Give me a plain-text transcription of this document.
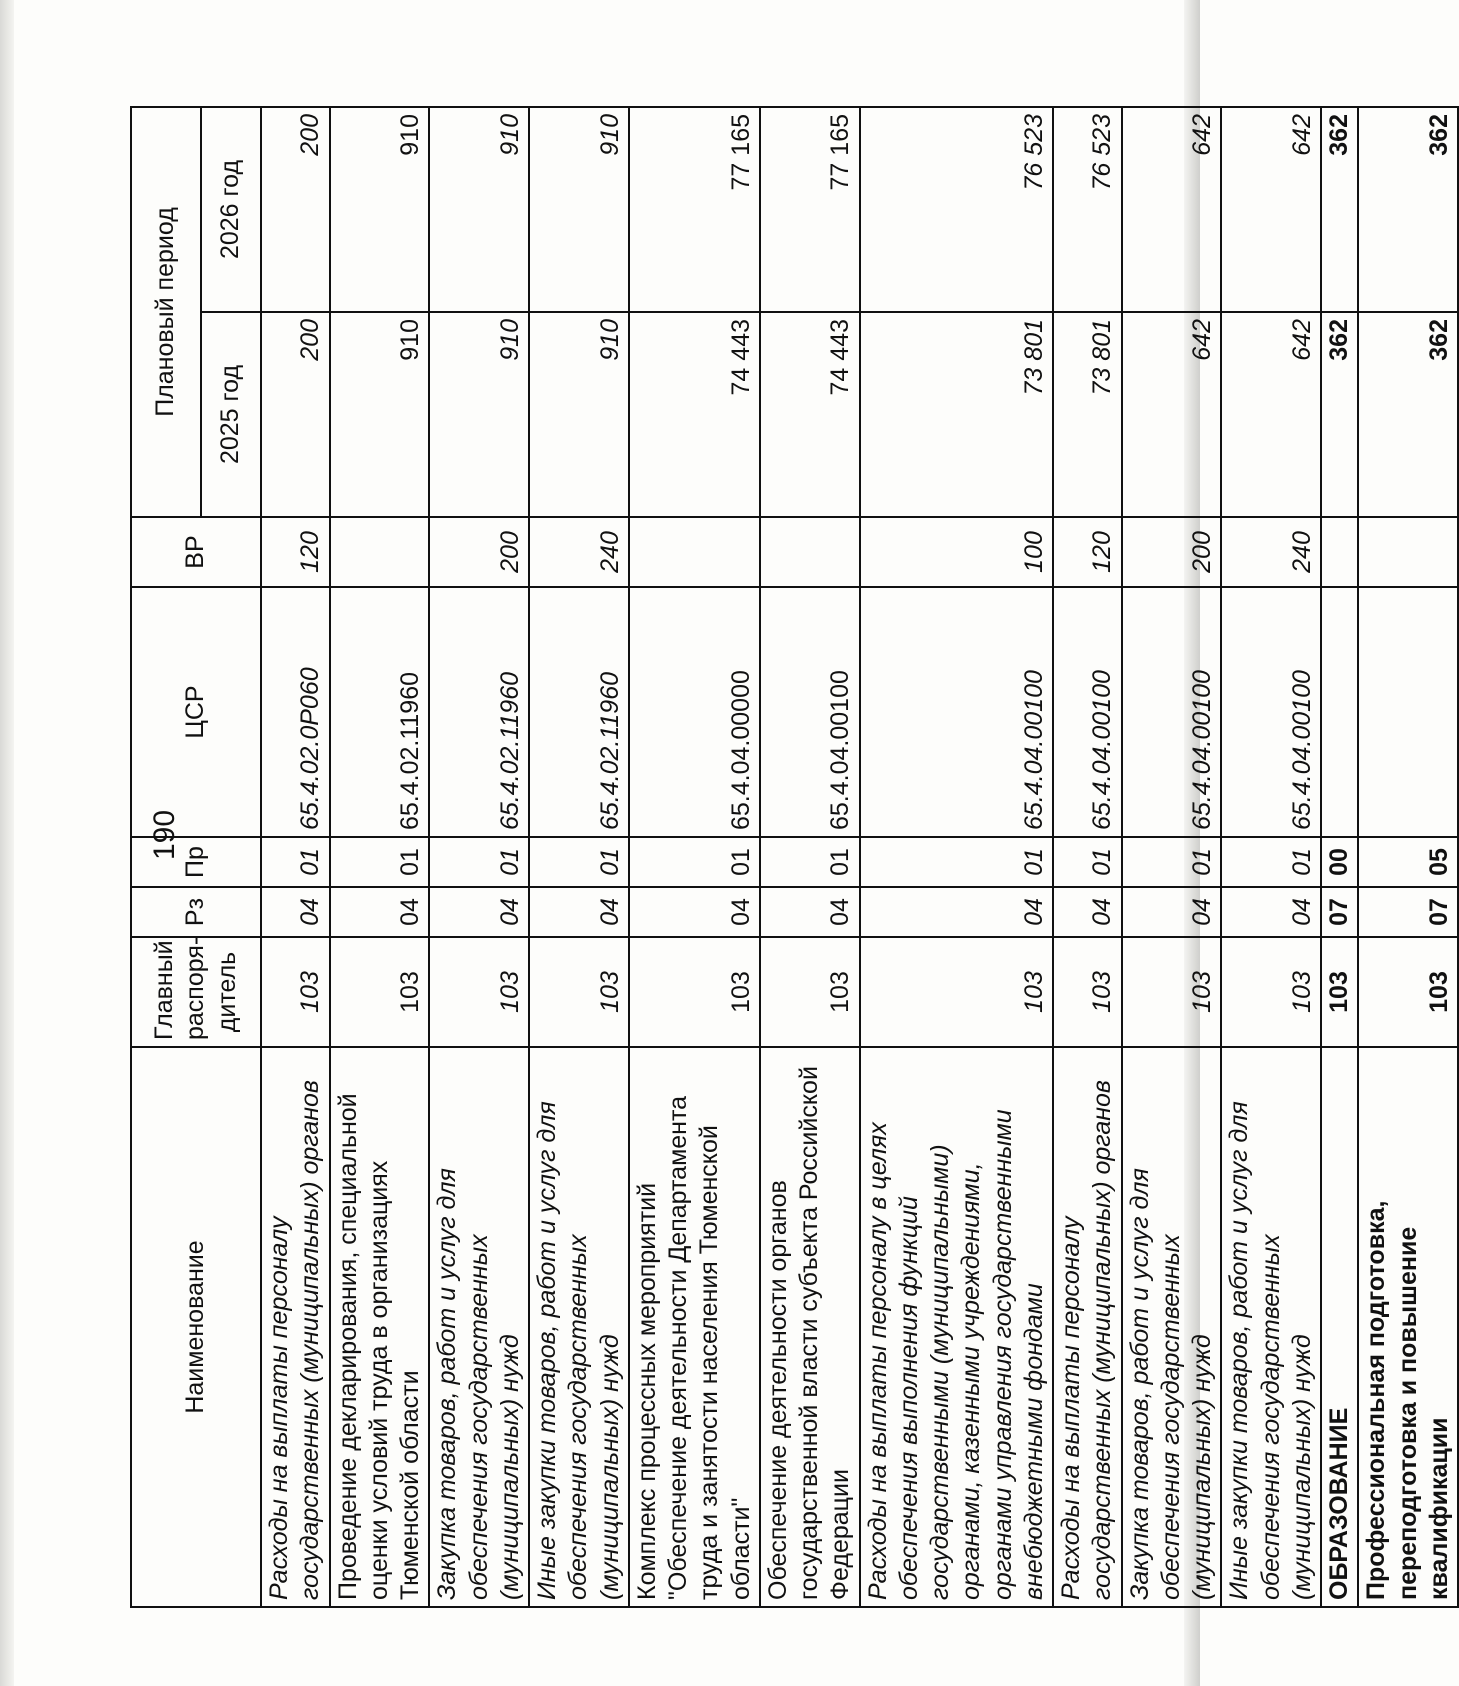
190
Наименование	Главный распоря- дитель	Рз	Пр	ЦСР	ВР	Плановый период	
						2025 год	2026 год
Расходы на выплаты персоналу государственных (муниципальных) органов	103	04	01	65.4.02.0Р060	120	200	200
Проведение декларирования, специальной оценки условий труда в организациях Тюменской области	103	04	01	65.4.02.11960		910	910
Закупка товаров, работ и услуг для обеспечения государственных (муниципальных) нужд	103	04	01	65.4.02.11960	200	910	910
Иные закупки товаров, работ и услуг для обеспечения государственных (муниципальных) нужд	103	04	01	65.4.02.11960	240	910	910
Комплекс процессных мероприятий "Обеспечение деятельности Департамента труда и занятости населения Тюменской области"	103	04	01	65.4.04.00000		74 443	77 165
Обеспечение деятельности органов государственной власти субъекта Российской Федерации	103	04	01	65.4.04.00100		74 443	77 165
Расходы на выплаты персоналу в целях обеспечения выполнения функций государственными (муниципальными) органами, казенными учреждениями, органами управления государственными внебюджетными фондами	103	04	01	65.4.04.00100	100	73 801	76 523
Расходы на выплаты персоналу государственных (муниципальных) органов	103	04	01	65.4.04.00100	120	73 801	76 523
Закупка товаров, работ и услуг для обеспечения государственных (муниципальных) нужд	103	04	01	65.4.04.00100	200	642	642
Иные закупки товаров, работ и услуг для обеспечения государственных (муниципальных) нужд	103	04	01	65.4.04.00100	240	642	642
ОБРАЗОВАНИЕ	103	07	00			362	362
Профессиональная подготовка, переподготовка и повышение квалификации	103	07	05			362	362
